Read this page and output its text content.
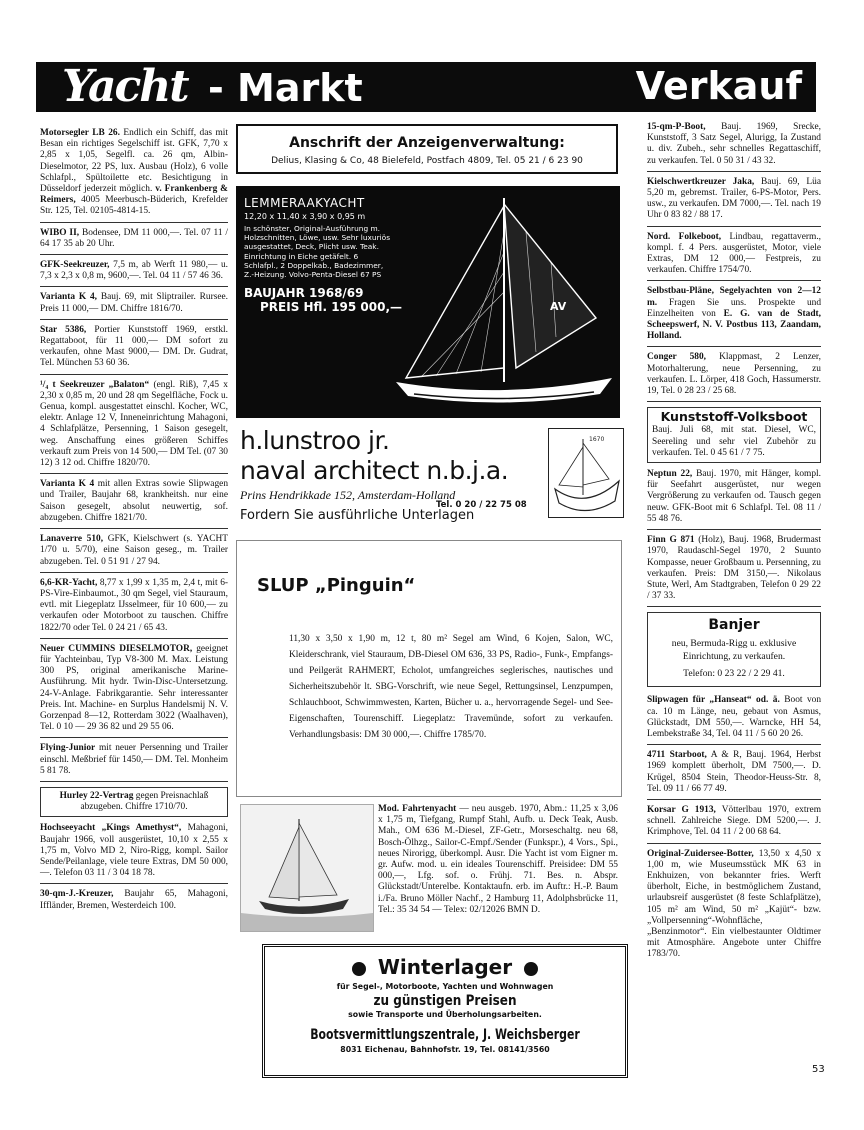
Yacht - Markt	Verkauf
Motorsegler LB 26. Endlich ein Schiff, das mit Besan ein richtiges Segelschiff ist. GFK, 7,70 x 2,85 x 1,05, Segelfl. ca. 26 qm, Albin-Dieselmotor, 22 PS, lux. Ausbau (Holz), 6 volle Schlafpl., Spültoilette etc. Besichtigung in Düsseldorf jederzeit möglich. v. Frankenberg & Reimers, 4005 Meerbusch-Büderich, Krefelder Str. 125, Tel. 02105-4814-15.
WIBO II, Bodensee, DM 11 000,—. Tel. 07 11 / 64 17 35 ab 20 Uhr.
GFK-Seekreuzer, 7,5 m, ab Werft 11 980,— u. 7,3 x 2,3 x 0,8 m, 9600,—. Tel. 04 11 / 57 46 36.
Varianta K 4, Bauj. 69, mit Sliptrailer. Rursee. Preis 11 000,— DM. Chiffre 1816/70.
Star 5386, Portier Kunststoff 1969, erstkl. Regattaboot, für 11 000,— DM sofort zu verkaufen, ohne Mast 9000,— DM. Dr. Gudrat, Tel. München 53 60 36.
¹/₄ t Seekreuzer „Balaton“ (engl. Riß), 7,45 x 2,30 x 0,85 m, 20 und 28 qm Segelfläche, Fock u. Genua, kompl. ausgestattet einschl. Kocher, WC, elektr. Anlage 12 V, Inneneinrichtung Mahagoni, 4 Schlafplätze, Persenning, 1 Saison gesegelt, weg. Anschaffung eines größeren Schiffes verkauft zum Preis von 14 500,— DM Tel. (07 30 12) 3 12 od. Chiffre 1820/70.
Varianta K 4 mit allen Extras sowie Slipwagen und Trailer, Baujahr 68, krankheitsh. nur eine Saison gesegelt, absolut neuwertig, sof. abzugeben. Chiffre 1821/70.
Lanaverre 510, GFK, Kielschwert (s. YACHT 1/70 u. 5/70), eine Saison geseg., m. Trailer abzugeben. Tel. 0 51 91 / 27 94.
6,6-KR-Yacht, 8,77 x 1,99 x 1,35 m, 2,4 t, mit 6-PS-Vire-Einbaumot., 30 qm Segel, viel Stauraum, evtl. mit Liegeplatz IJsselmeer, für 10 600,— zu verkaufen oder Motorboot zu tauschen. Chiffre 1822/70 oder Tel. 0 24 21 / 65 43.
Neuer CUMMINS DIESELMOTOR, geeignet für Yachteinbau, Typ V8-300 M. Max. Leistung 300 PS, original amerikanische Marine-Ausführung. Mit hydr. Twin-Disc-Untersetzung. 24-V-Anlage. Fabrikgarantie. Sehr interessanter Preis. Int. Machine- en Surplus Handelsmij N. V. Gorzenpad 8—12, Rotterdam 3022 (Waalhaven), Tel. 0 10 — 29 36 82 und 29 55 06.
Flying-Junior mit neuer Persenning und Trailer einschl. Meßbrief für 1450,— DM. Tel. Monheim 5 81 78.
Hurley 22-Vertrag gegen Preisnachlaß abzugeben. Chiffre 1710/70.
Hochseeyacht „Kings Amethyst“, Mahagoni, Baujahr 1966, voll ausgerüstet, 10,10 x 2,55 x 1,75 m, Volvo MD 2, Niro-Rigg, kompl. Sailor Sende/Peilanlage, viele teure Extras, DM 50 000,—. Telefon 03 11 / 3 04 18 78.
30-qm-J.-Kreuzer, Baujahr 65, Mahagoni, Iffländer, Bremen, Westerdeich 100.
Anschrift der Anzeigenverwaltung:
Delius, Klasing & Co, 48 Bielefeld, Postfach 4809, Tel. 05 21 / 6 23 90
LEMMERAAKYACHT
12,20 x 11,40 x 3,90 x 0,95 m
In schönster, Original-Ausführung m. Holzschnitten, Löwe, usw. Sehr luxuriös ausgestattet, Deck, Plicht usw. Teak. Einrichtung in Eiche getäfelt. 6 Schlafpl., 2 Doppelkab., Badezimmer, Z.-Heizung. Volvo-Penta-Diesel 67 PS
BAUJAHR 1968/69
PREIS Hfl. 195 000,—	AV
h.lunstroo jr.
naval architect n.b.j.a.
Prins Hendrikkade 152, Amsterdam-Holland
Tel. 0 20 / 22 75 08
Fordern Sie ausführliche Unterlagen
1670
SLUP „Pinguin“
11,30 x 3,50 x 1,90 m, 12 t, 80 m² Segel am Wind, 6 Kojen, Salon, WC, Kleiderschrank, viel Stauraum, DB-Diesel OM 636, 33 PS, Radio-, Funk-, Empfangs- und Peilgerät RAHMERT, Echolot, umfangreiches seglerisches, nautisches und Sicherheitszubehör lt. SBG-Vorschrift, wie neue Segel, Rettungsinsel, Lenzpumpen, Schlauchboot, Schwimmwesten, Karten, Bücher u. a., hervorragende Segel- und See-Eigenschaften, Tourenschiff. Liegeplatz: Travemünde, sofort zu verkaufen. Verhandlungsbasis: DM 30 000,—. Chiffre 1785/70.
Mod. Fahrtenyacht — neu ausgeb. 1970, Abm.: 11,25 x 3,06 x 1,75 m, Tiefgang, Rumpf Stahl, Aufb. u. Deck Teak, Ausb. Mah., OM 636 M.-Diesel, ZF-Getr., Morseschaltg. neu 68, Bosch-Ölhzg., Sailor-C-Empf./Sender (Funkspr.), 4 Vors., Spi., neues Nirorigg, überkompl. Ausr. Die Yacht ist vom Eigner m. gr. Aufw. mod. u. ein ideales Tourenschiff. Preisidee: DM 55 000,—, Lfg. sof. o. Frühj. 71. Bes. n. Abspr. Glückstadt/Unterelbe. Kontaktaufn. erb. im Auftr.: H.-P. Baum i./Fa. Bruno Möller Nachf., 2 Hamburg 11, Adolphsbrücke 11, Tel.: 35 34 54 — Telex: 02/12026 BMN D.
Winterlager
für Segel-, Motorboote, Yachten und Wohnwagen
zu günstigen Preisen
sowie Transporte und Überholungsarbeiten.
Bootsvermittlungszentrale, J. Weichsberger
8031 Eichenau, Bahnhofstr. 19, Tel. 08141/3560
15-qm-P-Boot, Bauj. 1969, Srecke, Kunststoff, 3 Satz Segel, Alurigg, Ia Zustand u. div. Zubeh., sehr schnelles Regattaschiff, zu verkaufen. Tel. 0 50 31 / 43 32.
Kielschwertkreuzer Jaka, Bauj. 69, Lüa 5,20 m, gebremst. Trailer, 6-PS-Motor, Pers. usw., zu verkaufen. DM 7000,—. Tel. nach 19 Uhr 0 83 82 / 88 17.
Nord. Folkeboot, Lindbau, regattaverm., kompl. f. 4 Pers. ausgerüstet, Motor, viele Extras, DM 12 000,— Festpreis, zu verkaufen. Chiffre 1754/70.
Selbstbau-Pläne, Segelyachten von 2—12 m. Fragen Sie uns. Prospekte und Einzelheiten von E. G. van de Stadt, Scheepswerf, N. V. Postbus 113, Zaandam, Holland.
Conger 580, Klappmast, 2 Lenzer, Motorhalterung, neue Persenning, zu verkaufen. L. Lörper, 418 Goch, Hassumerstr. 19, Tel. 0 28 23 / 25 68.
Kunststoff-Volksboot
Bauj. Juli 68, mit stat. Diesel, WC, Seereling und sehr viel Zubehör zu verkaufen. Tel. 0 45 61 / 7 75.
Neptun 22, Bauj. 1970, mit Hänger, kompl. für Seefahrt ausgerüstet, nur wegen Vergrößerung zu verkaufen od. Tausch gegen neuw. GFK-Boot mit 6 Schlafpl. Tel. 08 11 / 55 48 76.
Finn G 871 (Holz), Bauj. 1968, Brudermast 1970, Raudaschl-Segel 1970, 2 Suunto Kompasse, neuer Großbaum u. Persenning, zu verkaufen. Preis: DM 3150,—. Nikolaus Stute, Werl, Am Stadtgraben, Telefon 0 29 22 / 37 33.
Banjer
neu, Bermuda-Rigg u. exklusive Einrichtung, zu verkaufen.
Telefon: 0 23 22 / 2 29 41.
Slipwagen für „Hanseat“ od. ä. Boot von ca. 10 m Länge, neu, gebaut von Asmus, Glückstadt, DM 550,—. Warncke, HH 54, Lembekstraße 34, Tel. 04 11 / 5 60 20 26.
4711 Starboot, A & R, Bauj. 1964, Herbst 1969 komplett überholt, DM 7500,—. D. Krügel, 8504 Stein, Theodor-Heuss-Str. 8, Tel. 09 11 / 66 77 49.
Korsar G 1913, Vötterlbau 1970, extrem schnell. Zahlreiche Siege. DM 5200,—. J. Krimphove, Tel. 04 11 / 2 00 68 64.
Original-Zuidersee-Botter, 13,50 x 4,50 x 1,00 m, wie Museumsstück MK 63 in Enkhuizen, von bekannter fries. Werft überholt, Eiche, in bestmöglichem Zustand, urlaubsreif ausgerüstet (8 feste Schlafplätze), 105 m² am Wind, 50 m² „Kajüt“- bzw. „Vollpersenning“-Wohnfläche, „Benzinmotor“. Ein vielbestaunter Oldtimer mit Atmosphäre. Angebote unter Chiffre 1783/70.
53
